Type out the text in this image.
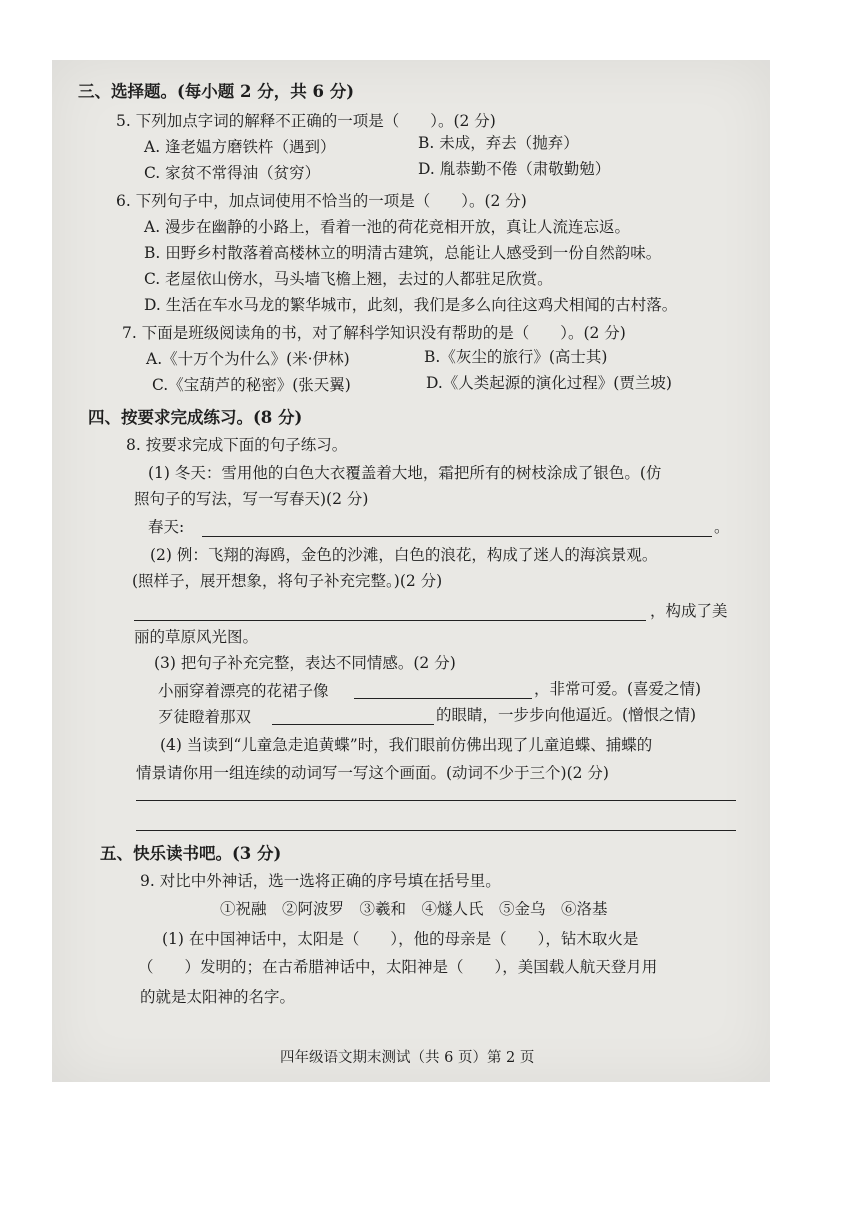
三、选择题。(每小题 2 分，共 6 分)
5. 下列加点字词的解释不正确的一项是（　　）。(2 分)
A. 逢老媪方磨铁杵（遇到）	B. 未成，弃去（抛弃）
C. 家贫不常得油（贫穷）	D. 胤恭勤不倦（肃敬勤勉）
6. 下列句子中，加点词使用不恰当的一项是（　　）。(2 分)
A. 漫步在幽静的小路上，看着一池的荷花竞相开放，真让人流连忘返。
B. 田野乡村散落着高楼林立的明清古建筑，总能让人感受到一份自然韵味。
C. 老屋依山傍水，马头墙飞檐上翘，去过的人都驻足欣赏。
D. 生活在车水马龙的繁华城市，此刻，我们是多么向往这鸡犬相闻的古村落。
7. 下面是班级阅读角的书，对了解科学知识没有帮助的是（　　）。(2 分)
A.《十万个为什么》(米·伊林)	B.《灰尘的旅行》(高士其)
C.《宝葫芦的秘密》(张天翼)	D.《人类起源的演化过程》(贾兰坡)
四、按要求完成练习。(8 分)
8. 按要求完成下面的句子练习。
(1) 冬天：雪用他的白色大衣覆盖着大地，霜把所有的树枝涂成了银色。(仿
照句子的写法，写一写春天)(2 分)
春天:	。
(2) 例：飞翔的海鸥，金色的沙滩，白色的浪花，构成了迷人的海滨景观。
(照样子，展开想象，将句子补充完整。)(2 分)
，构成了美
丽的草原风光图。
(3) 把句子补充完整，表达不同情感。(2 分)
小丽穿着漂亮的花裙子像	，非常可爱。(喜爱之情)
歹徒瞪着那双	的眼睛，一步步向他逼近。(憎恨之情)
(4) 当读到“儿童急走追黄蝶”时，我们眼前仿佛出现了儿童追蝶、捕蝶的
情景请你用一组连续的动词写一写这个画面。(动词不少于三个)(2 分)
五、快乐读书吧。(3 分)
9. 对比中外神话，选一选将正确的序号填在括号里。
①祝融　②阿波罗　③羲和　④燧人氏　⑤金乌　⑥洛基
(1) 在中国神话中，太阳是（　　），他的母亲是（　　），钻木取火是
（　　）发明的；在古希腊神话中，太阳神是（　　），美国载人航天登月用
的就是太阳神的名字。
四年级语文期末测试（共 6 页）第 2 页
